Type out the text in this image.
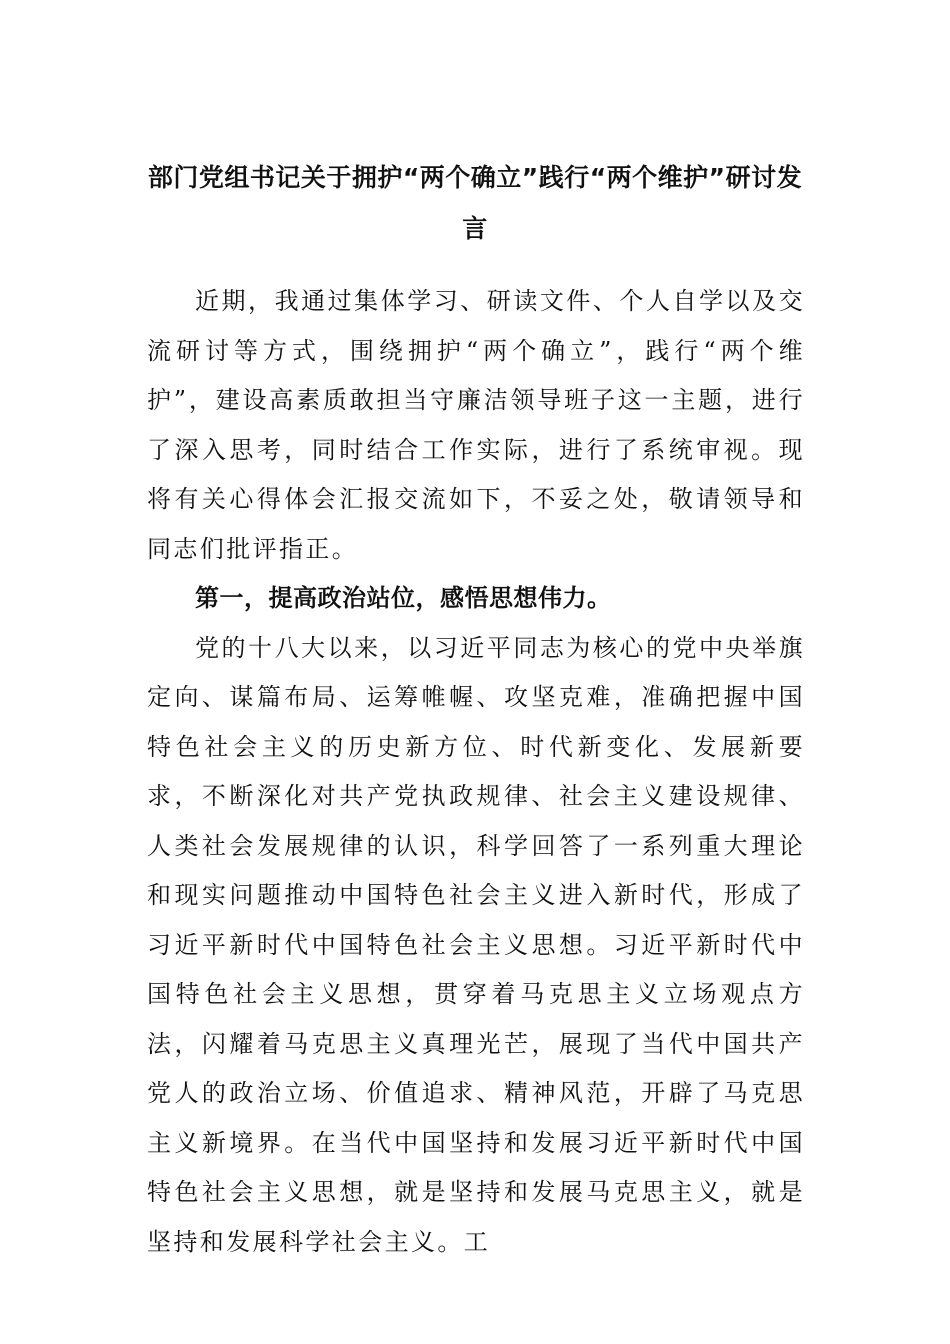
部门党组书记关于拥护“两个确立”践行“两个维护”研讨发言

近期，我通过集体学习、研读文件、个人自学以及交流研讨等方式，围绕拥护“两个确立”，践行“两个维护”，建设高素质敢担当守廉洁领导班子这一主题，进行了深入思考，同时结合工作实际，进行了系统审视。现将有关心得体会汇报交流如下，不妥之处，敬请领导和同志们批评指正。

第一，提高政治站位，感悟思想伟力。

党的十八大以来，以习近平同志为核心的党中央举旗定向、谋篇布局、运筹帷幄、攻坚克难，准确把握中国特色社会主义的历史新方位、时代新变化、发展新要求，不断深化对共产党执政规律、社会主义建设规律、人类社会发展规律的认识，科学回答了一系列重大理论和现实问题推动中国特色社会主义进入新时代，形成了习近平新时代中国特色社会主义思想。习近平新时代中国特色社会主义思想，贯穿着马克思主义立场观点方法，闪耀着马克思主义真理光芒，展现了当代中国共产党人的政治立场、价值追求、精神风范，开辟了马克思主义新境界。在当代中国坚持和发展习近平新时代中国特色社会主义思想，就是坚持和发展马克思主义，就是坚持和发展科学社会主义。工
